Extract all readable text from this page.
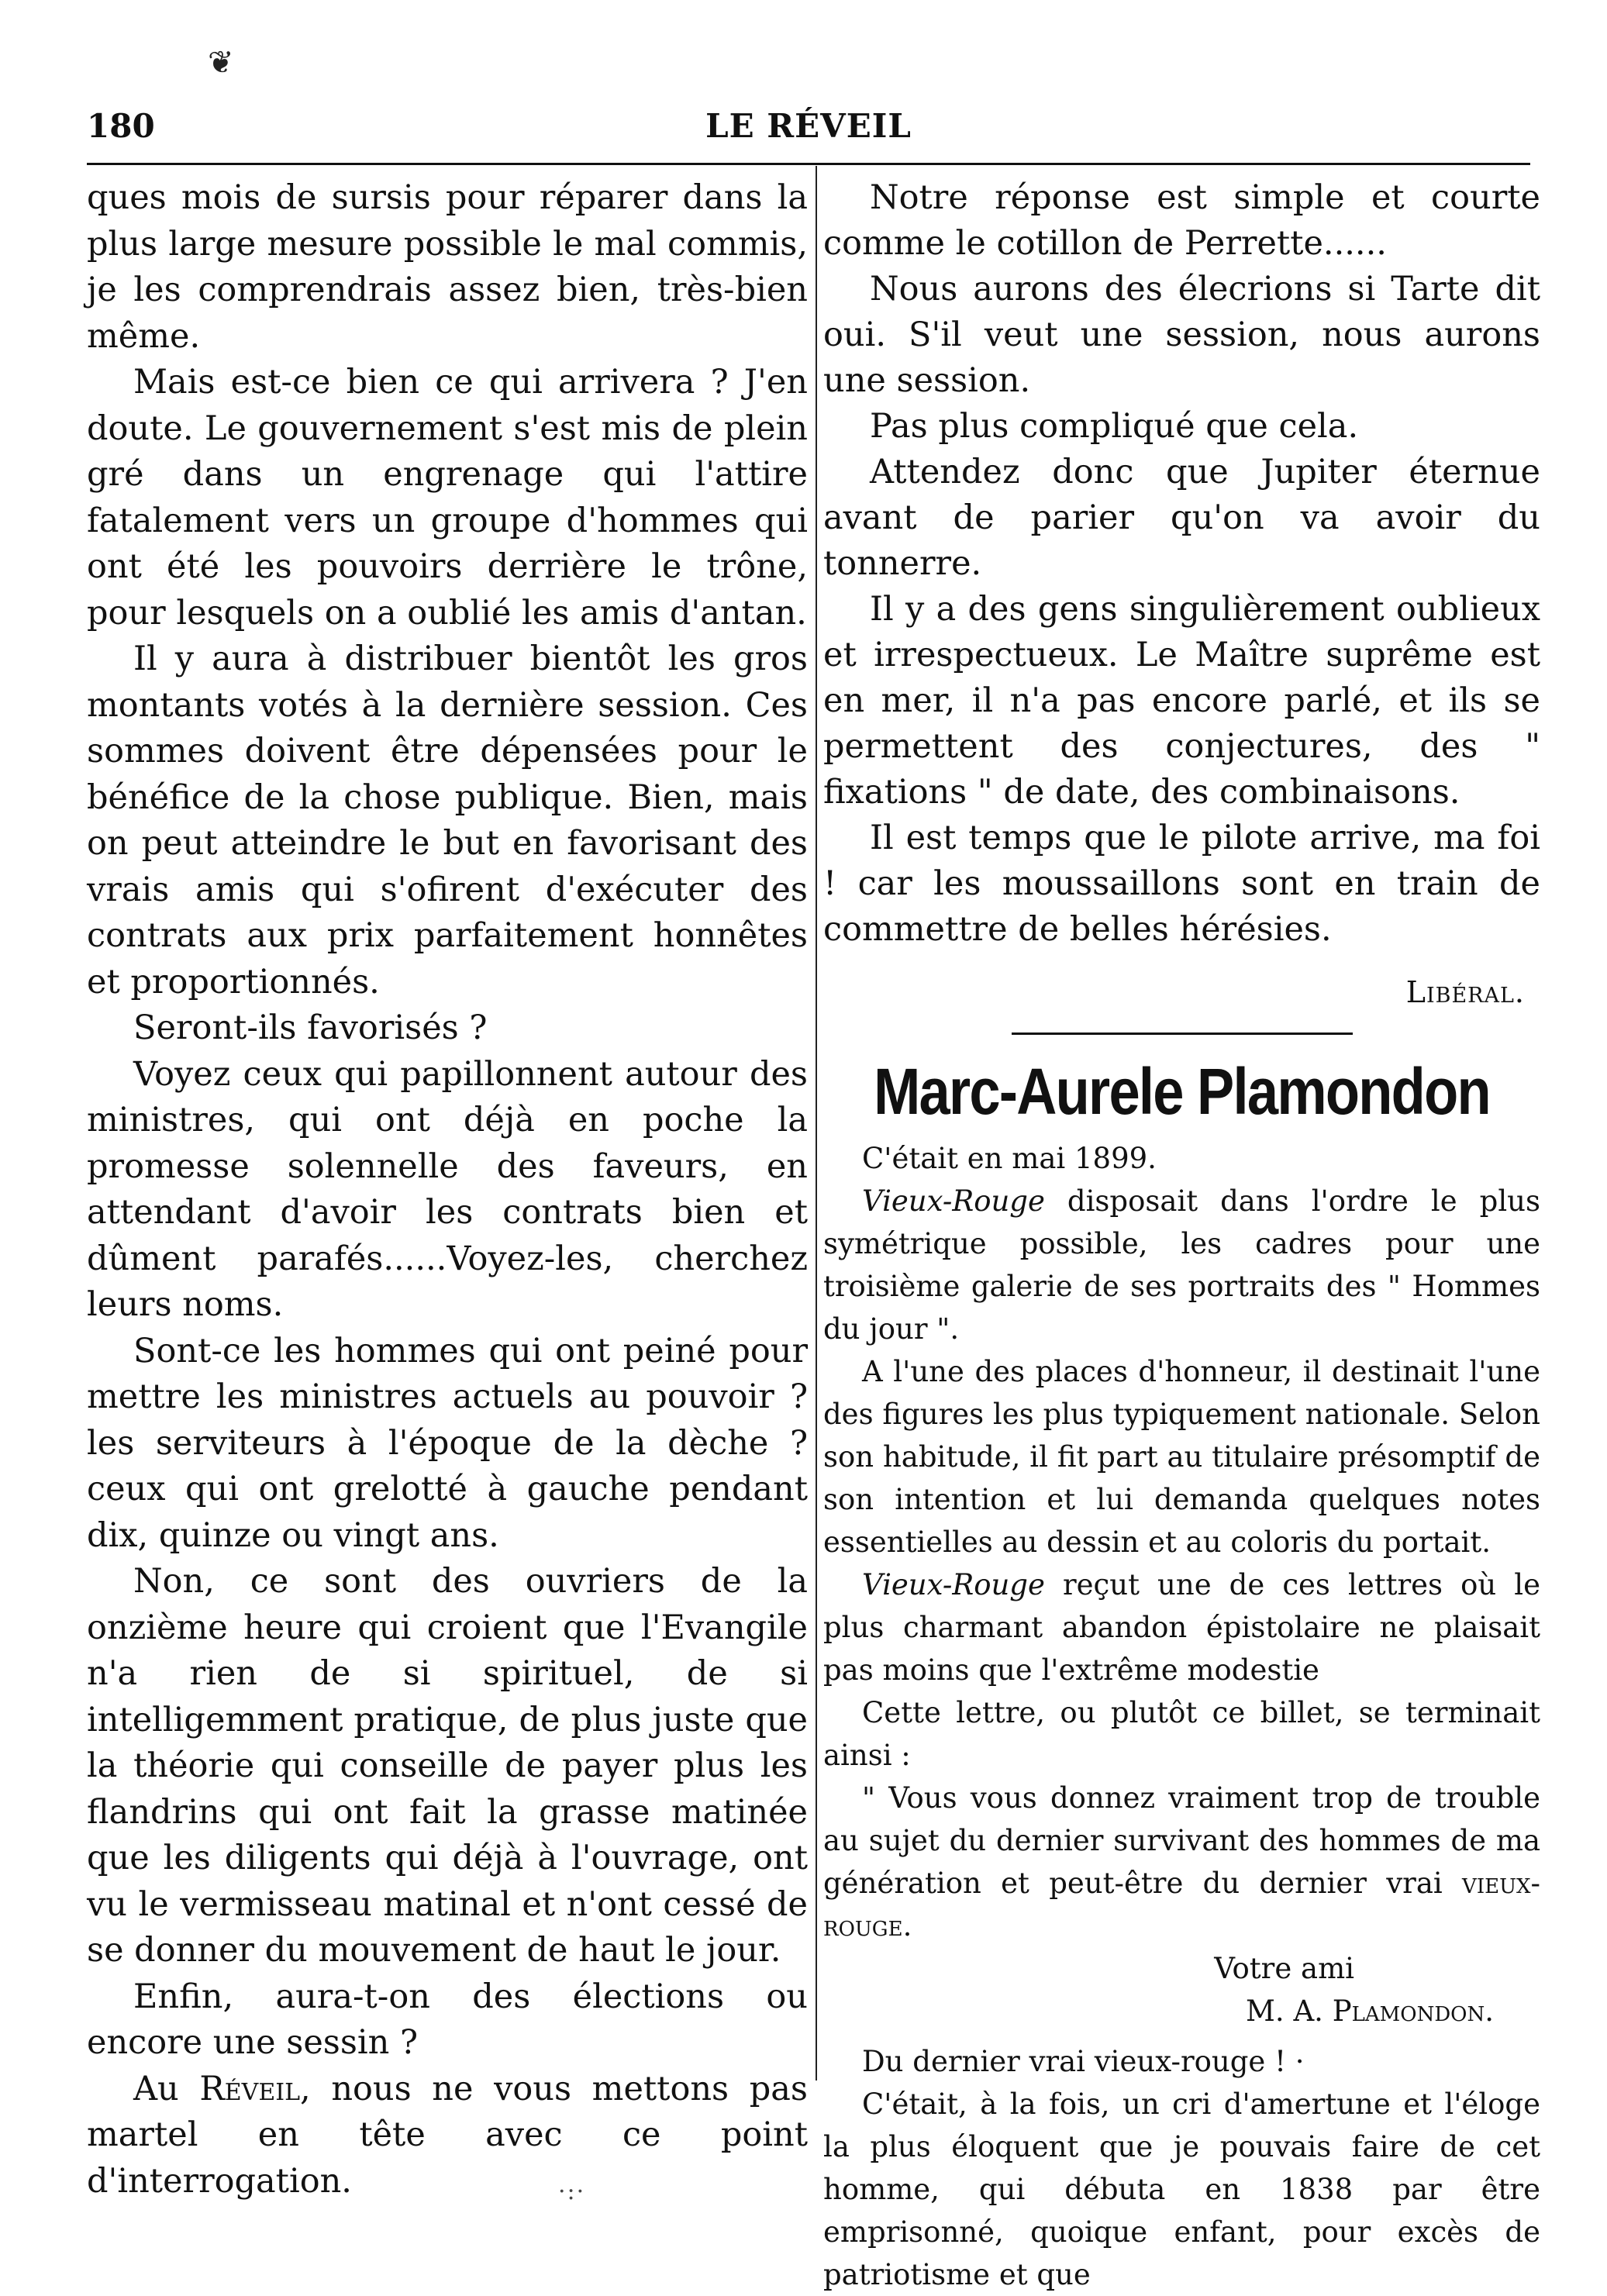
❦
180	LE RÉVEIL

ques mois de sursis pour réparer dans la plus large mesure possible le mal commis, je les comprendrais assez bien, très-bien même.

Mais est-ce bien ce qui arrivera ? J'en doute. Le gouvernement s'est mis de plein gré dans un engrenage qui l'attire fatalement vers un groupe d'hommes qui ont été les pouvoirs derrière le trône, pour lesquels on a oublié les amis d'antan.

Il y aura à distribuer bientôt les gros montants votés à la dernière session. Ces sommes doivent être dépensées pour le bénéfice de la chose publique. Bien, mais on peut atteindre le but en favorisant des vrais amis qui s'ofirent d'exécuter des contrats aux prix parfaitement honnêtes et proportionnés.

Seront-ils favorisés ?

Voyez ceux qui papillonnent autour des ministres, qui ont déjà en poche la promesse solennelle des faveurs, en attendant d'avoir les contrats bien et dûment parafés......Voyez-les, cherchez leurs noms.

Sont-ce les hommes qui ont peiné pour mettre les ministres actuels au pouvoir ? les serviteurs à l'époque de la dèche ? ceux qui ont grelotté à gauche pendant dix, quinze ou vingt ans.

Non, ce sont des ouvriers de la onzième heure qui croient que l'Evangile n'a rien de si spirituel, de si intelligemment pratique, de plus juste que la théorie qui conseille de payer plus les flandrins qui ont fait la grasse matinée que les diligents qui déjà à l'ouvrage, ont vu le vermisseau matinal et n'ont cessé de se donner du mouvement de haut le jour.

Enfin, aura-t-on des élections ou encore une sessin ?

Au Réveil, nous ne vous mettons pas martel en tête avec ce point d'interrogation.

Notre réponse est simple et courte comme le cotillon de Perrette......

Nous aurons des élecrions si Tarte dit oui. S'il veut une session, nous aurons une session.

Pas plus compliqué que cela.

Attendez donc que Jupiter éternue avant de parier qu'on va avoir du tonnerre.

Il y a des gens singulièrement oublieux et irrespectueux. Le Maître suprême est en mer, il n'a pas encore parlé, et ils se permettent des conjectures, des " fixations " de date, des combinaisons.

Il est temps que le pilote arrive, ma foi ! car les moussaillons sont en train de commettre de belles hérésies.

Libéral.

Marc-Aurele Plamondon

C'était en mai 1899.

Vieux-Rouge disposait dans l'ordre le plus symétrique possible, les cadres pour une troisième galerie de ses portraits des " Hommes du jour ".

A l'une des places d'honneur, il destinait l'une des figures les plus typiquement nationale. Selon son habitude, il fit part au titulaire présomptif de son intention et lui demanda quelques notes essentielles au dessin et au coloris du portait.

Vieux-Rouge reçut une de ces lettres où le plus charmant abandon épistolaire ne plaisait pas moins que l'extrême modestie

Cette lettre, ou plutôt ce billet, se terminait ainsi :

" Vous vous donnez vraiment trop de trouble au sujet du dernier survivant des hommes de ma génération et peut-être du dernier vrai vieux-rouge.

Votre ami

M. A. Plamondon.

Du dernier vrai vieux-rouge ! ·

C'était, à la fois, un cri d'amertune et l'éloge la plus éloquent que je pouvais faire de cet homme, qui débuta en 1838 par être emprisonné, quoique enfant, pour excès de patriotisme et que

·:·
